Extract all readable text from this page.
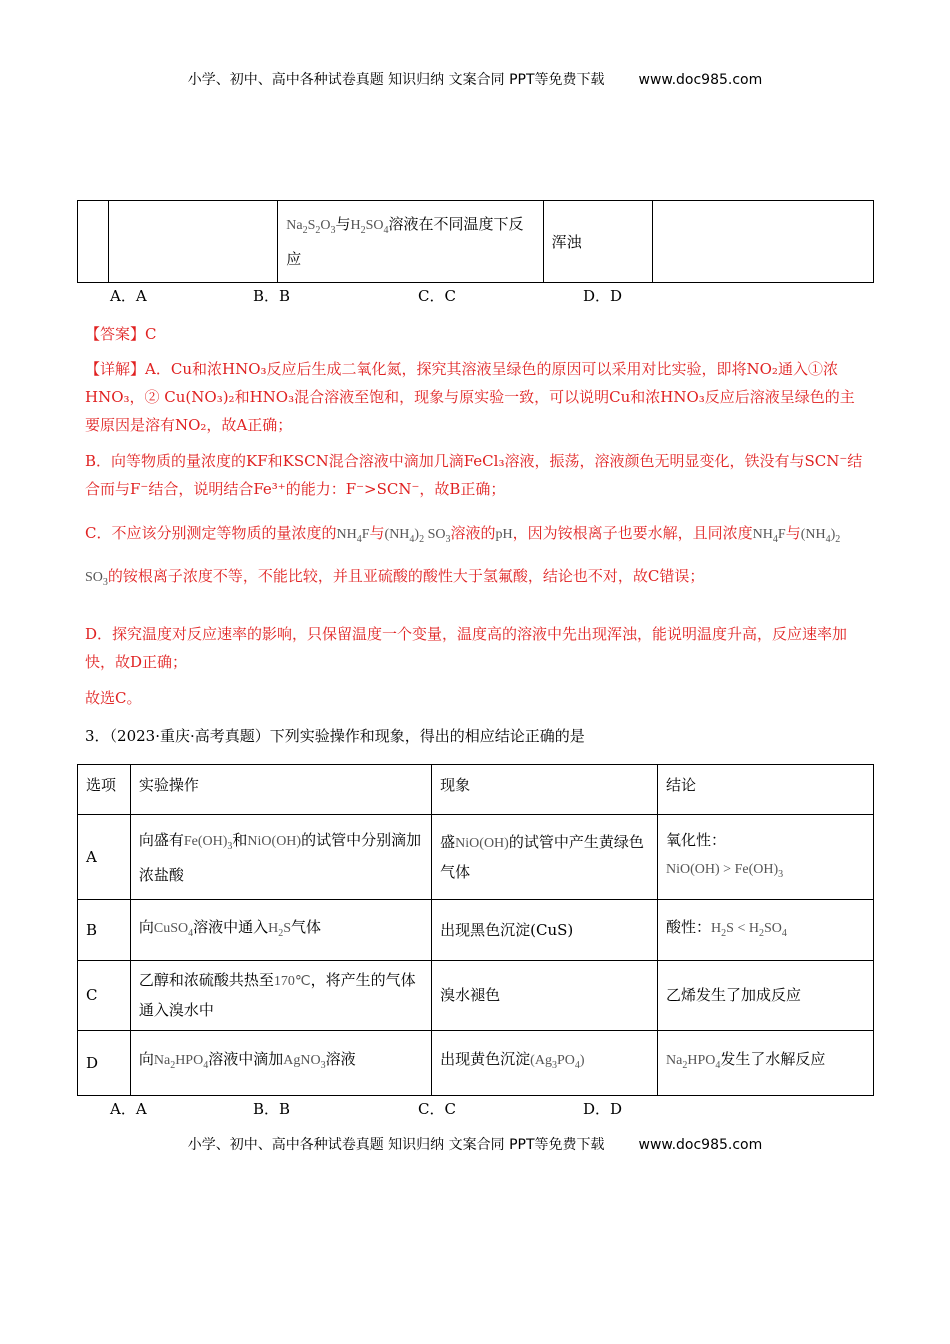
小学、初中、高中各种试卷真题 知识归纳 文案合同 PPT等免费下载 www.doc985.com
		$Na_2S_2O_3$与$H_2SO_4$溶液在不同温度下反应	浑浊	
A．A	B．B	C．C	D．D
【答案】C
【详解】A．Cu和浓HNO₃反应后生成二氧化氮，探究其溶液呈绿色的原因可以采用对比实验，即将NO₂通入①浓HNO₃，② Cu(NO₃)₂和HNO₃混合溶液至饱和，现象与原实验一致，可以说明Cu和浓HNO₃反应后溶液呈绿色的主要原因是溶有NO₂，故A正确；
B．向等物质的量浓度的KF和KSCN混合溶液中滴加几滴FeCl₃溶液，振荡，溶液颜色无明显变化，铁没有与SCN⁻结合而与F⁻结合，说明结合Fe³⁺的能力：F⁻>SCN⁻，故B正确；
C．不应该分别测定等物质的量浓度的$NH_4F$与$(NH_4)_2$ $SO_3$溶液的pH，因为铵根离子也要水解，且同浓度$NH_4F$与$(NH_4)_2$ $SO_3$的铵根离子浓度不等，不能比较，并且亚硫酸的酸性大于氢氟酸，结论也不对，故C错误；
D．探究温度对反应速率的影响，只保留温度一个变量，温度高的溶液中先出现浑浊，能说明温度升高，反应速率加快，故D正确；
故选C。
3．（2023·重庆·高考真题）下列实验操作和现象，得出的相应结论正确的是
选项	实验操作	现象	结论
A	向盛有$Fe(OH)_3$和NiO(OH)的试管中分别滴加浓盐酸	盛NiO(OH)的试管中产生黄绿色气体	氧化性：
$NiO(OH) > Fe(OH)_3$
B	向CuSO$_4$溶液中通入$H_2S$气体	出现黑色沉淀(CuS)	酸性：$H_2S < H_2SO_4$
C	乙醇和浓硫酸共热至170℃，将产生的气体通入溴水中	溴水褪色	乙烯发生了加成反应
D	向$Na_2HPO_4$溶液中滴加AgNO$_3$溶液	出现黄色沉淀$(Ag_3PO_4)$	$Na_2HPO_4$发生了水解反应
A．A	B．B	C．C	D．D
小学、初中、高中各种试卷真题 知识归纳 文案合同 PPT等免费下载 www.doc985.com
